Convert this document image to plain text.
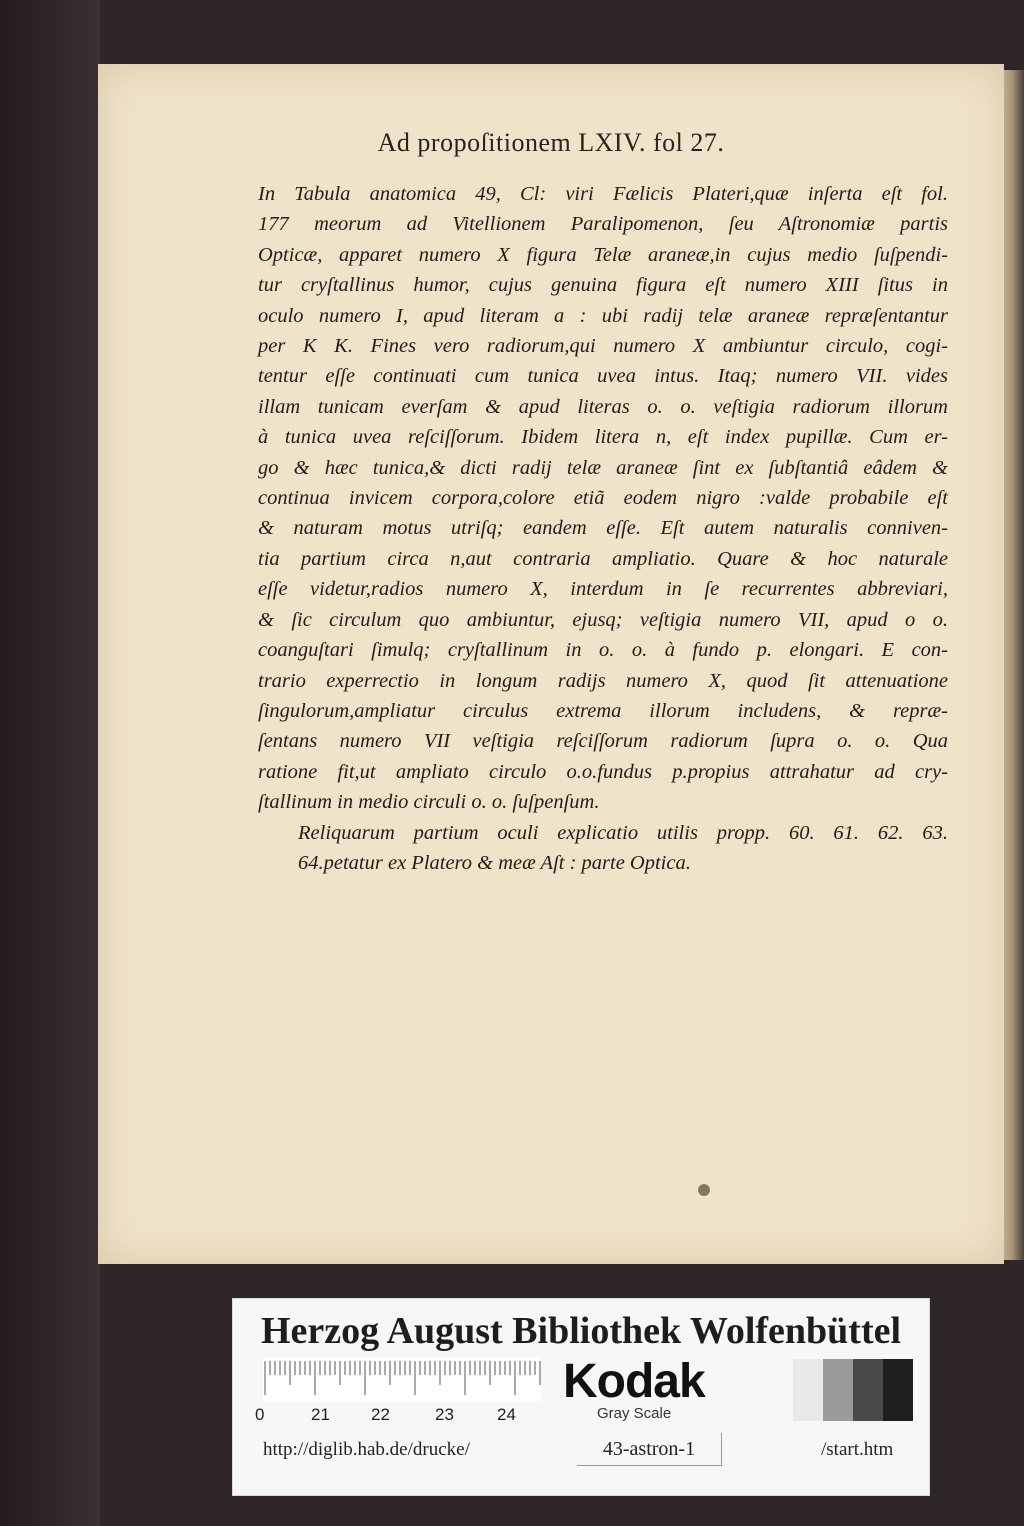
Ad propoſitionem LXIV. fol 27.

In Tabula anatomica 49, Cl: viri Fælicis Plateri,quæ inſerta eſt fol.
177 meorum ad Vitellionem Paralipomenon, ſeu Aſtronomiæ partis
Opticæ, apparet numero X figura Telæ araneæ,in cujus medio ſuſpendi-
tur cryſtallinus humor, cujus genuina figura eſt numero XIII ſitus in
oculo numero I, apud literam a : ubi radij telæ araneæ repræſentantur
per K K. Fines vero radiorum,qui numero X ambiuntur circulo, cogi-
tentur eſſe continuati cum tunica uvea intus. Itaq; numero VII. vides
illam tunicam everſam & apud literas o. o. veſtigia radiorum illorum
à tunica uvea reſciſſorum. Ibidem litera n, eſt index pupillæ. Cum er-
go & hæc tunica,& dicti radij telæ araneæ ſint ex ſubſtantiâ eâdem &
continua invicem corpora,colore etiã eodem nigro :valde probabile eſt
& naturam motus utriſq; eandem eſſe. Eſt autem naturalis conniven-
tia partium circa n,aut contraria ampliatio. Quare & hoc naturale
eſſe videtur,radios numero X, interdum in ſe recurrentes abbreviari,
& ſic circulum quo ambiuntur, ejusq; veſtigia numero VII, apud o o.
coanguſtari ſimulq; cryſtallinum in o. o. à fundo p. elongari. E con-
trario experrectio in longum radijs numero X, quod ſit attenuatione
ſingulorum,ampliatur circulus extrema illorum includens, & repræ-
ſentans numero VII veſtigia reſciſſorum radiorum ſupra o. o. Qua
ratione fit,ut ampliato circulo o.o.fundus p.propius attrahatur ad cry-
ſtallinum in medio circuli o. o. ſuſpenſum.

Reliquarum partium oculi explicatio utilis propp. 60. 61. 62. 63.
64.petatur ex Platero & meæ Aſt : parte Optica.

Herzog August Bibliothek Wolfenbüttel
0	21 22	23	24
Kodak
Gray Scale
http://diglib.hab.de/drucke/	43-astron-1	/start.htm
